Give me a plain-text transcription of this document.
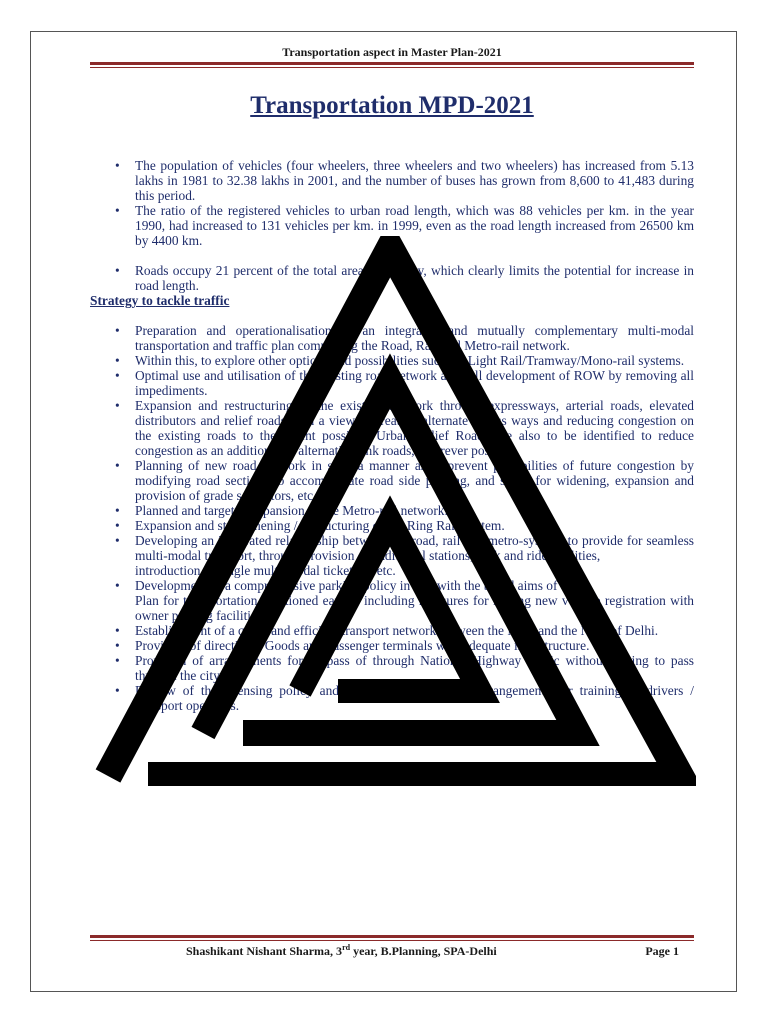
Transportation aspect in Master Plan-2021
Transportation MPD-2021
• The population of vehicles (four wheelers, three wheelers and two wheelers) has increased from 5.13 lakhs in 1981 to 32.38 lakhs in 2001, and the number of buses has grown from 8,600 to 41,483 during this period.
• The ratio of the registered vehicles to urban road length, which was 88 vehicles per km. in the year 1990, had increased to 131 vehicles per km. in 1999, even as the road length increased from 26500 km by 4400 km.
• Roads occupy 21 percent of the total area of the city, which clearly limits the potential for increase in road length.
Strategy to tackle traffic
• Preparation and operationalisation of an integrated and mutually complementary multi-modal transportation and traffic plan comprising the Road, Rail and Metro-rail network.
• Within this, to explore other options and possibilities such as, Light Rail/Tramway/Mono-rail systems.
• Optimal use and utilisation of the existing road network and full development of ROW by removing all impediments.
• Expansion and restructuring of the existing network through expressways, arterial roads, elevated distributors and relief roads with a view to creating alternate access ways and reducing congestion on the existing roads to the extent possible. Urban Relief Roads are also to be identified to reduce congestion as an additional or alternative link roads, wherever possible.
• Planning of new road network in such a manner as to prevent possibilities of future congestion by modifying road sections to accommodate road side parking, and space for widening, expansion and provision of grade separators, etc.
• Planned and targeted expansion of the Metro-rail network.
• Expansion and strengthening / restructuring of the Ring Rail System.
• Developing an integrated relationship between the road, rail and metro-system, to provide for seamless multi-modal transport, through provision of additional stations, park and ride facilities,
introduction of single multi-modal ticketing, etc.
• Development of a comprehensive parking policy in line with the broad aims of the
Plan for transportation mentioned earlier, including measures for linking new vehicle registration with owner parking facilities
• Establishment of a quick and efficient transport network between the NCR and the NCT of Delhi.
• Provision of directional Goods and Passenger terminals with adequate infrastructure.
• Provision of arrangements for by-pass of through National Highway traffic without having to pass through the city
• Review of the licensing policy and systems, and effective arrangements for training of drivers / transport operators.
Shashikant Nishant Sharma, 3rd year, B.Planning, SPA-Delhi	Page 1
